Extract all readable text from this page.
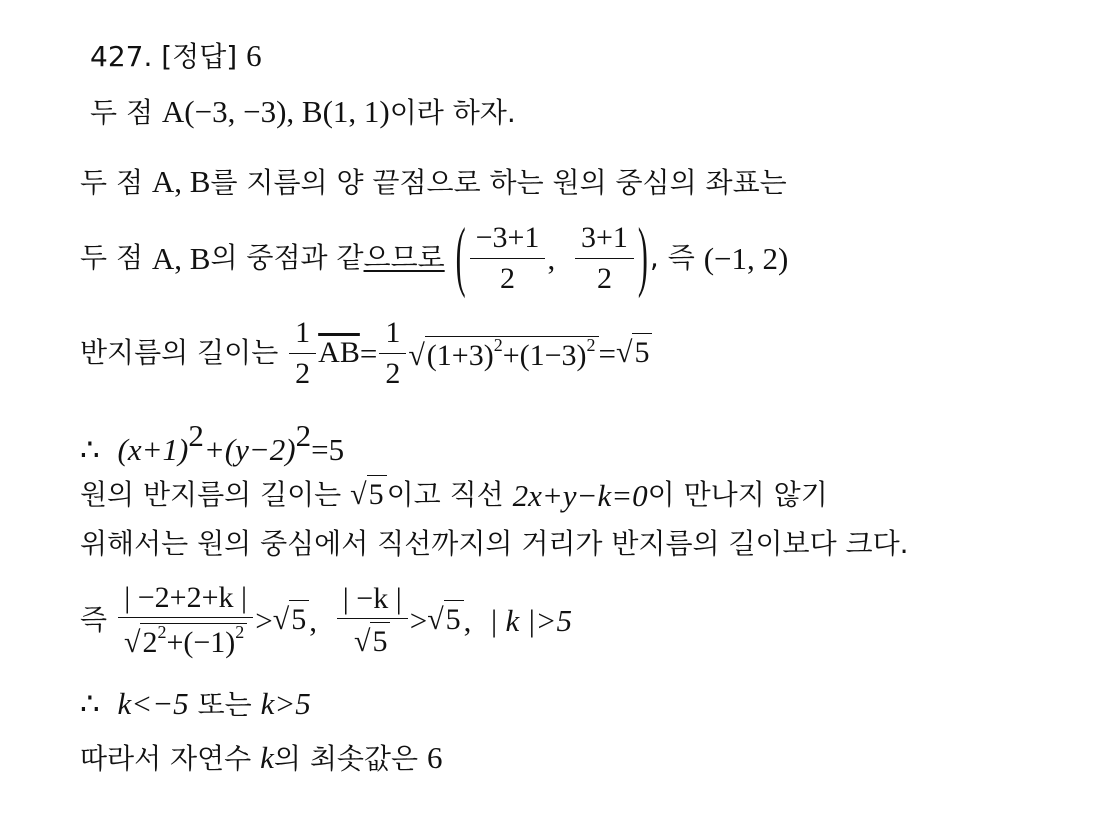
427. [정답] 6
두 점 A(−3, −3), B(1, 1)이라 하자.
두 점 A, B를 지름의 양 끝점으로 하는 원의 중심의 좌표는
두 점
A, B 의 중점과 같 으므로
( $\frac{-3+1}{2}$ ,
$\frac{3+1}{2}$ ) , 즉
(−1, 2)
반지름의 길이는
$\frac{1}{2} \overline{AB} = \frac{1}{2} √(1+3)^2+(1-3)^2 = √5$
∴ $(x+1)^2+(y-2)^2=5$
원의 반지름의 길이는
√5 이고 직선
2x+y−k=0 이 만나지 않기
위해서는 원의 중심에서 직선까지의 거리가 반지름의 길이보다 크다.
즉
$\frac{| -2+2+k |}{√2^2+(-1)^2} > √5$ ,
$\frac{| -k |}{√5} > √5$ ,
| k |>5
∴ k<−5 또는 k>5
따라서 자연수 k의 최솟값은 6
